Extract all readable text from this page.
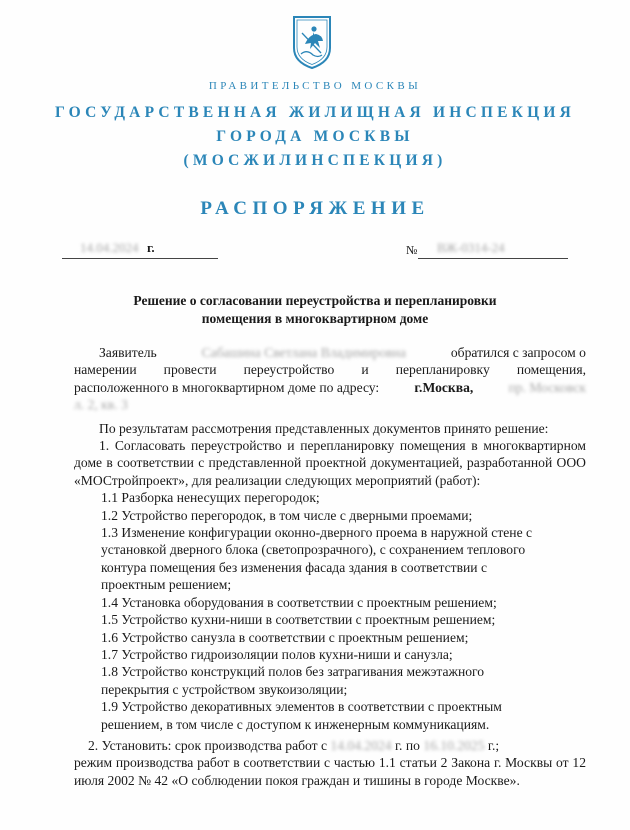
ПРАВИТЕЛЬСТВО МОСКВЫ
ГОСУДАРСТВЕННАЯ ЖИЛИЩНАЯ ИНСПЕКЦИЯ
ГОРОДА МОСКВЫ
(МОСЖИЛИНСПЕКЦИЯ)
РАСПОРЯЖЕНИЕ
14.04.2024 г.	№ ВЖ-0314-24
Решение о согласовании переустройства и перепланировки
помещения в многоквартирном доме
Заявитель	Сабашина Светлана Владимировна	обратился с запросом о
намерении провести переустройство и перепланировку помещения,
расположенного в многоквартирном доме по адресу:	г.Москва,	пр. Московск
л. 2, кв. 3
По результатам рассмотрения представленных документов принято решение:
1. Согласовать переустройство и перепланировку помещения в многоквартирном доме в соответствии с представленной проектной документацией, разработанной ООО «МОСтройпроект», для реализации следующих мероприятий (работ):
1.1 Разборка ненесущих перегородок;
1.2 Устройство перегородок, в том числе с дверными проемами;
1.3 Изменение конфигурации оконно-дверного проема в наружной стене с установкой дверного блока (светопрозрачного), с сохранением теплового контура помещения без изменения фасада здания в соответствии с проектным решением;
1.4 Установка оборудования в соответствии с проектным решением;
1.5 Устройство кухни-ниши в соответствии с проектным решением;
1.6 Устройство санузла в соответствии с проектным решением;
1.7 Устройство гидроизоляции полов кухни-ниши и санузла;
1.8 Устройство конструкций полов без затрагивания межэтажного перекрытия с устройством звукоизоляции;
1.9 Устройство декоративных элементов в соответствии с проектным решением, в том числе с доступом к инженерным коммуникациям.
2. Установить: срок производства работ с 14.04.2024 г. по 16.10.2025 г.;
режим производства работ в соответствии с частью 1.1 статьи 2 Закона г. Москвы от 12 июля 2002 № 42 «О соблюдении покоя граждан и тишины в городе Москве».
